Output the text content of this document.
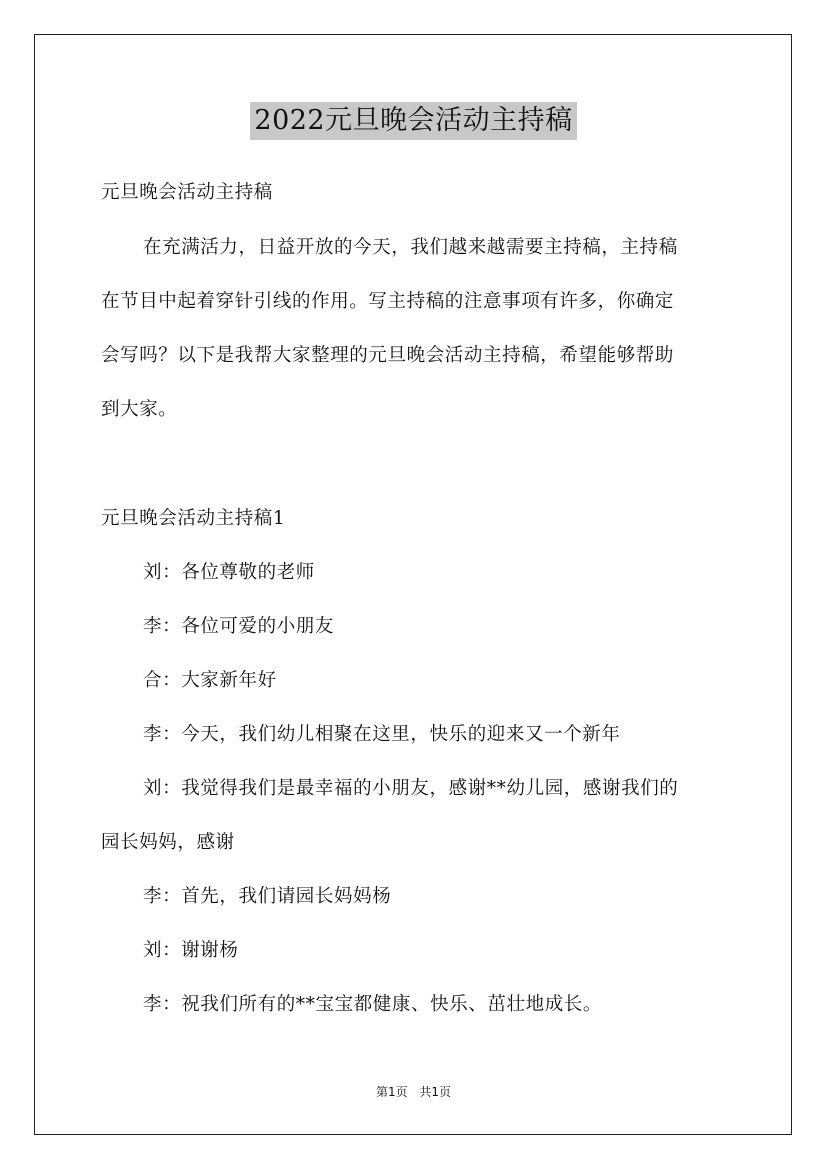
2022元旦晚会活动主持稿
元旦晚会活动主持稿
在充满活力，日益开放的今天，我们越来越需要主持稿，主持稿
在节目中起着穿针引线的作用。写主持稿的注意事项有许多，你确定
会写吗？以下是我帮大家整理的元旦晚会活动主持稿，希望能够帮助
到大家。
元旦晚会活动主持稿1
刘：各位尊敬的老师
李：各位可爱的小朋友
合：大家新年好
李：今天，我们幼儿相聚在这里，快乐的迎来又一个新年
刘：我觉得我们是最幸福的小朋友，感谢**幼儿园，感谢我们的
园长妈妈，感谢
李：首先，我们请园长妈妈杨
刘：谢谢杨
李：祝我们所有的**宝宝都健康、快乐、茁壮地成长。
第1页 共1页
